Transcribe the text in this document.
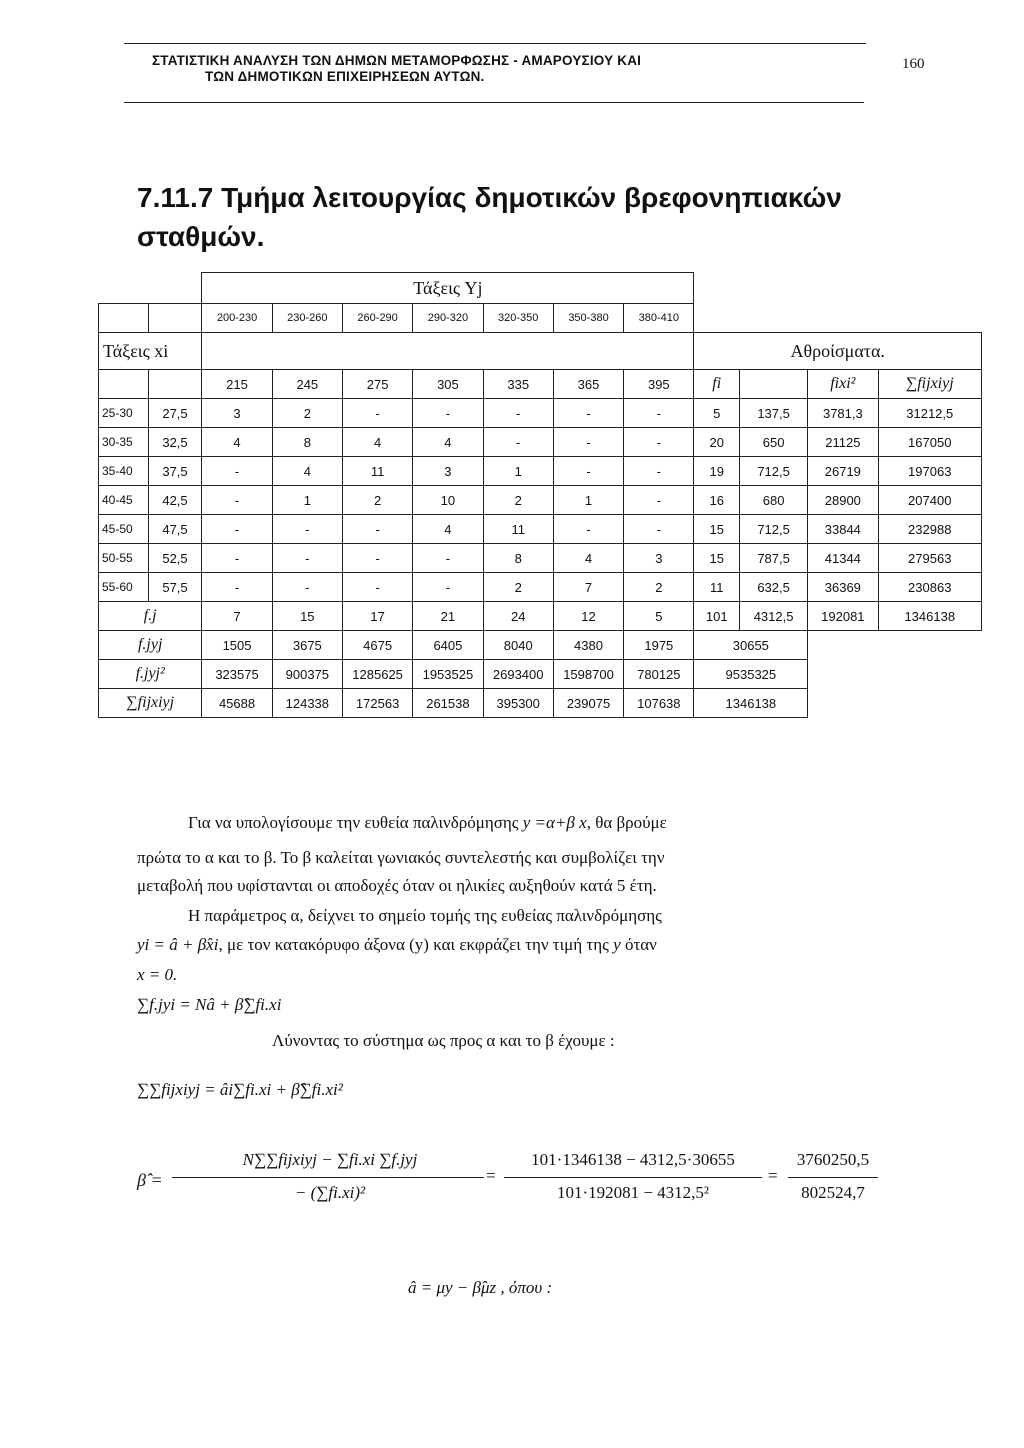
ΣΤΑΤΙΣΤΙΚΗ ΑΝΑΛΥΣΗ ΤΩΝ ΔΗΜΩΝ ΜΕΤΑΜΟΡΦΩΣΗΣ - ΑΜΑΡΟΥΣΙΟΥ ΚΑΙ
ΤΩΝ ΔΗΜΟΤΙΚΩΝ ΕΠΙΧΕΙΡΗΣΕΩΝ ΑΥΤΩΝ.
160
7.11.7 Τμήμα λειτουργίας δημοτικών βρεφονηπιακών σταθμών.
		Τάξεις Yj										
		200-230	230-260	260-290	290-320	320-350	350-380	380-410				
Τάξεις xi									Αθροίσματα.			
		215	245	275	305	335	365	395	fi		fixi²	∑fijxiyj
25-30	27,5	3	2	-	-	-	-	-	5	137,5	3781,3	31212,5
30-35	32,5	4	8	4	4	-	-	-	20	650	21125	167050
35-40	37,5	-	4	11	3	1	-	-	19	712,5	26719	197063
40-45	42,5	-	1	2	10	2	1	-	16	680	28900	207400
45-50	47,5	-	-	-	4	11	-	-	15	712,5	33844	232988
50-55	52,5	-	-	-	-	8	4	3	15	787,5	41344	279563
55-60	57,5	-	-	-	-	2	7	2	11	632,5	36369	230863
f.j		7	15	17	21	24	12	5	101	4312,5	192081	1346138
f.jyj		1505	3675	4675	6405	8040	4380	1975	30655			
f.jyj²		323575	900375	1285625	1953525	2693400	1598700	780125	9535325			
∑fijxiyj		45688	124338	172563	261538	395300	239075	107638	1346138			
Για να υπολογίσουμε την ευθεία παλινδρόμησης y =α+β x, θα βρούμε
πρώτα το α και το β. Το β καλείται γωνιακός συντελεστής και συμβολίζει την
μεταβολή που υφίστανται οι αποδοχές όταν οι ηλικίες αυξηθούν κατά 5 έτη.
Η παράμετρος α, δείχνει το σημείο τομής της ευθείας παλινδρόμησης
yi = â + β̂xi, με τον κατακόρυφο άξονα (y) και εκφράζει την τιμή της y όταν
x = 0.
∑f.jyi = Nâ + β̂∑fi.xi
Λύνοντας το σύστημα ως προς α και το β έχουμε :
∑∑fijxiyj = âi∑fi.xi + β̂∑fi.xi²
β̂ =
N∑∑fijxiyj − ∑fi.xi ∑f.jyj
− (∑fi.xi)²
=
101·1346138 − 4312,5·30655
101·192081 − 4312,5²
=
3760250,5
802524,7
â = μy − β̂μz , όπου :
